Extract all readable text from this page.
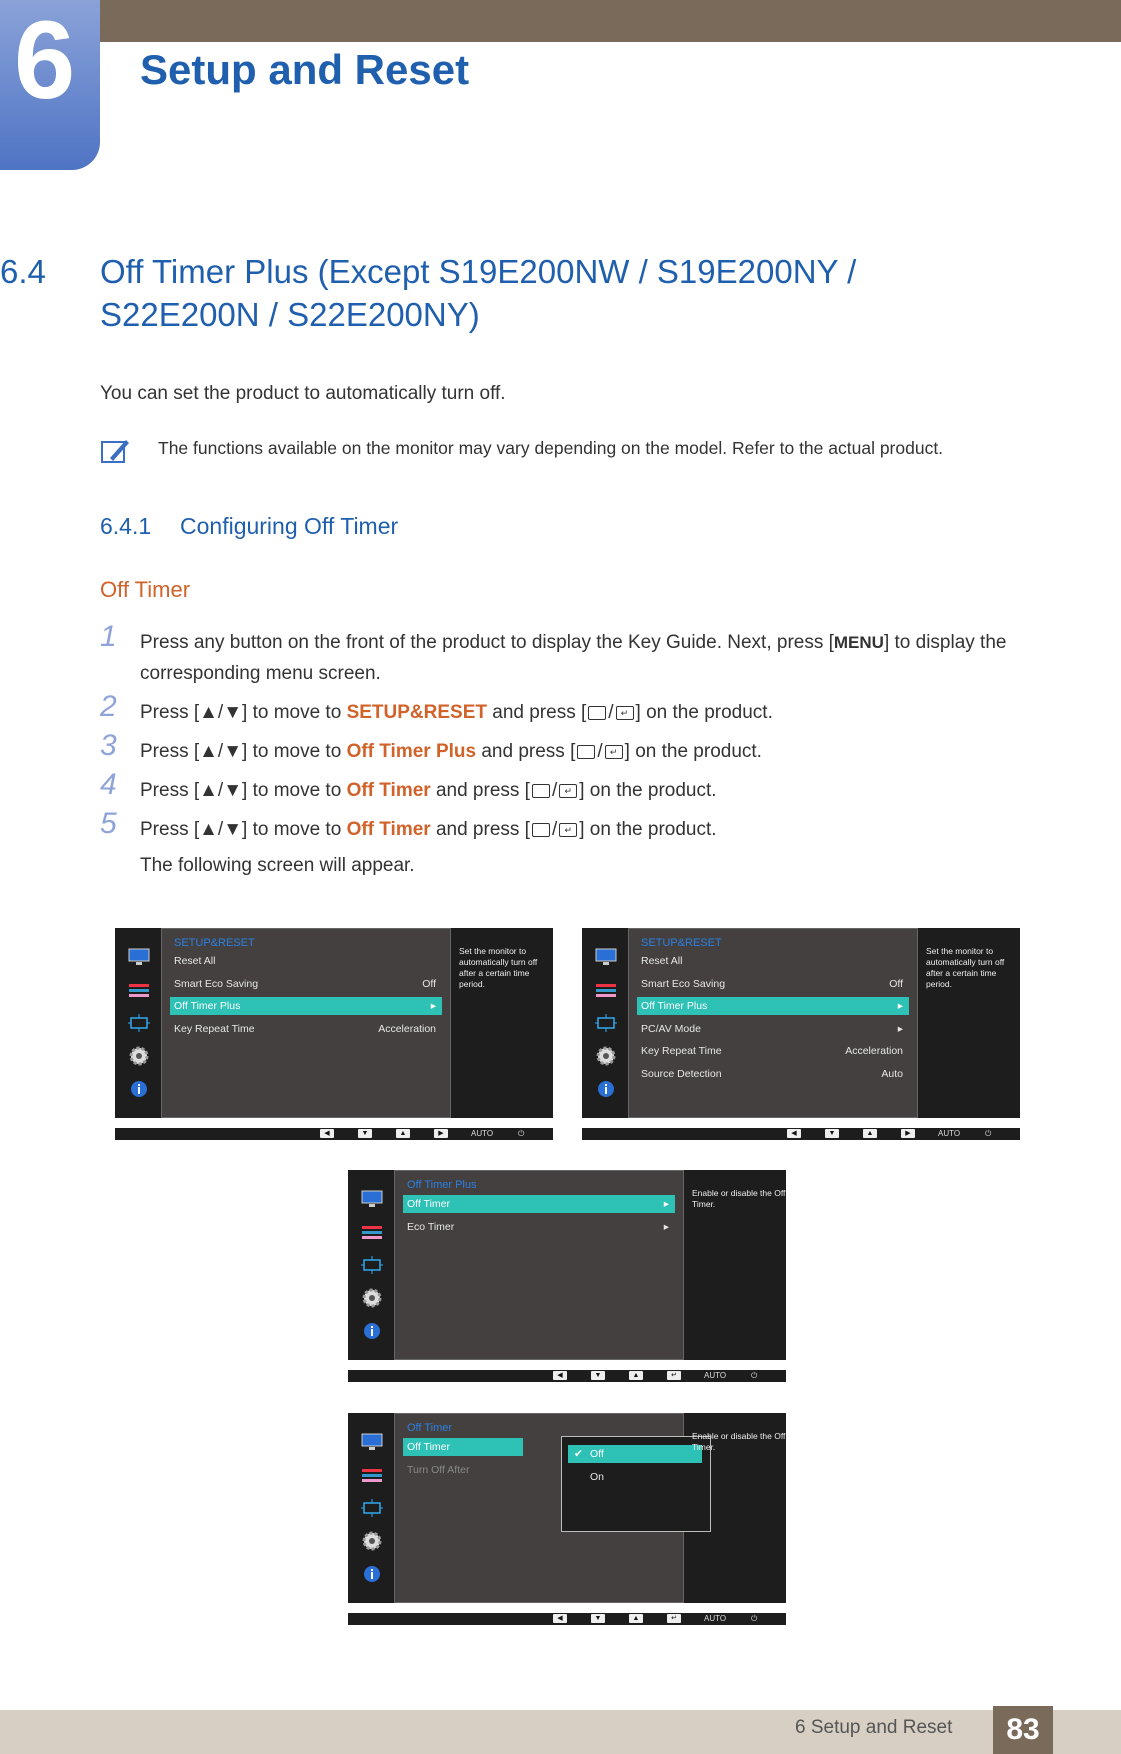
6 Setup and Reset
6.4 Off Timer Plus (Except S19E200NW / S19E200NY / S22E200N / S22E200NY)
You can set the product to automatically turn off.
The functions available on the monitor may vary depending on the model. Refer to the actual product.
6.4.1 Configuring Off Timer
Off Timer
1 Press any button on the front of the product to display the Key Guide. Next, press [MENU] to display the corresponding menu screen.
2 Press [▲/▼] to move to SETUP&RESET and press [ / ↵ ] on the product.
3 Press [▲/▼] to move to Off Timer Plus and press [ / ↵ ] on the product.
4 Press [▲/▼] to move to Off Timer and press [ / ↵ ] on the product.
5 Press [▲/▼] to move to Off Timer and press [ / ↵ ] on the product.
The following screen will appear.
SETUP&RESET
Reset All
Smart Eco Saving	Off
Off Timer Plus	▸
Key Repeat Time	Acceleration
Set the monitor to automatically turn off after a certain time period.
◀	▼	▲	▶	AUTO	⏻
SETUP&RESET
Reset All
Smart Eco Saving	Off
Off Timer Plus	▸
PC/AV Mode	▸
Key Repeat Time	Acceleration
Source Detection	Auto
Set the monitor to automatically turn off after a certain time period.
◀	▼	▲	▶	AUTO	⏻
Off Timer Plus
Off Timer	▸
Eco Timer	▸
Enable or disable the Off Timer.
◀	▼	▲	↵	AUTO	⏻
Off Timer
Off Timer
Turn Off After
✔ Off
On
Enable or disable the Off Timer.
◀	▼	▲	↵	AUTO	⏻
6 Setup and Reset	83
